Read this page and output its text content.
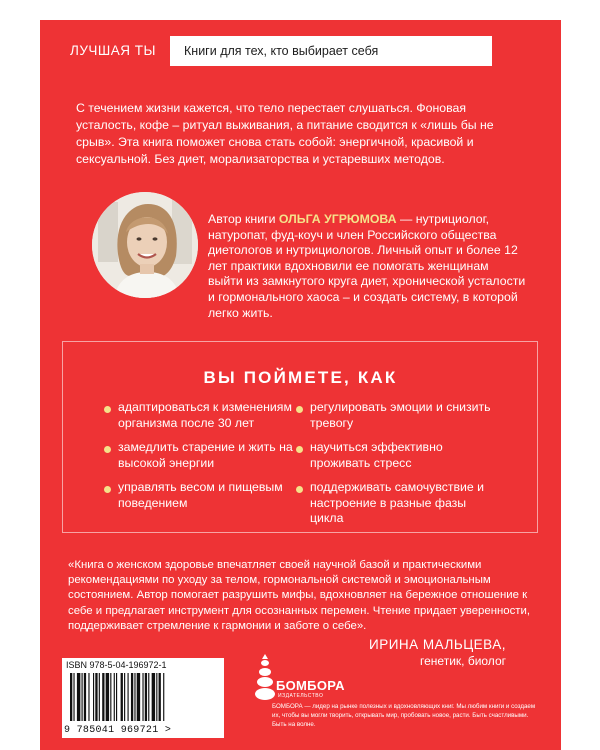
ЛУЧШАЯ ТЫ	Книги для тех, кто выбирает себя
С течением жизни кажется, что тело перестает слушаться. Фоновая усталость, кофе – ритуал выживания, а питание сводится к «лишь бы не срыв». Эта книга поможет снова стать собой: энергичной, красивой и сексуальной. Без диет, морализаторства и устаревших методов.
Автор книги ОЛЬГА УГРЮМОВА — нутрициолог, натуропат, фуд-коуч и член Российского общества диетологов и нутрициологов. Личный опыт и более 12 лет практики вдохновили ее помогать женщинам выйти из замкнутого круга диет, хронической усталости и гормонального хаоса – и создать систему, в которой легко жить.
ВЫ ПОЙМЕТЕ, КАК
адаптироваться к изменениям организма после 30 лет
замедлить старение и жить на высокой энергии
управлять весом и пищевым поведением
регулировать эмоции и снизить тревогу
научиться эффективно проживать стресс
поддерживать самочувствие и настроение в разные фазы цикла
«Книга о женском здоровье впечатляет своей научной базой и практическими рекомендациями по уходу за телом, гормональной системой и эмоциональным состоянием. Автор помогает разрушить мифы, вдохновляет на бережное отношение к себе и предлагает инструмент для осознанных перемен. Чтение придает уверенности, поддерживает стремление к гармонии и заботе о себе».
ИРИНА МАЛЬЦЕВА,
генетик, биолог
ISBN 978-5-04-196972-1
9 785041 969721 >
БОМБОРА
ИЗДАТЕЛЬСТВО
БОМБОРА — лидер на рынке полезных и вдохновляющих книг. Мы любим книги и создаем их, чтобы вы могли творить, открывать мир, пробовать новое, расти. Быть счастливыми. Быть на волне.
